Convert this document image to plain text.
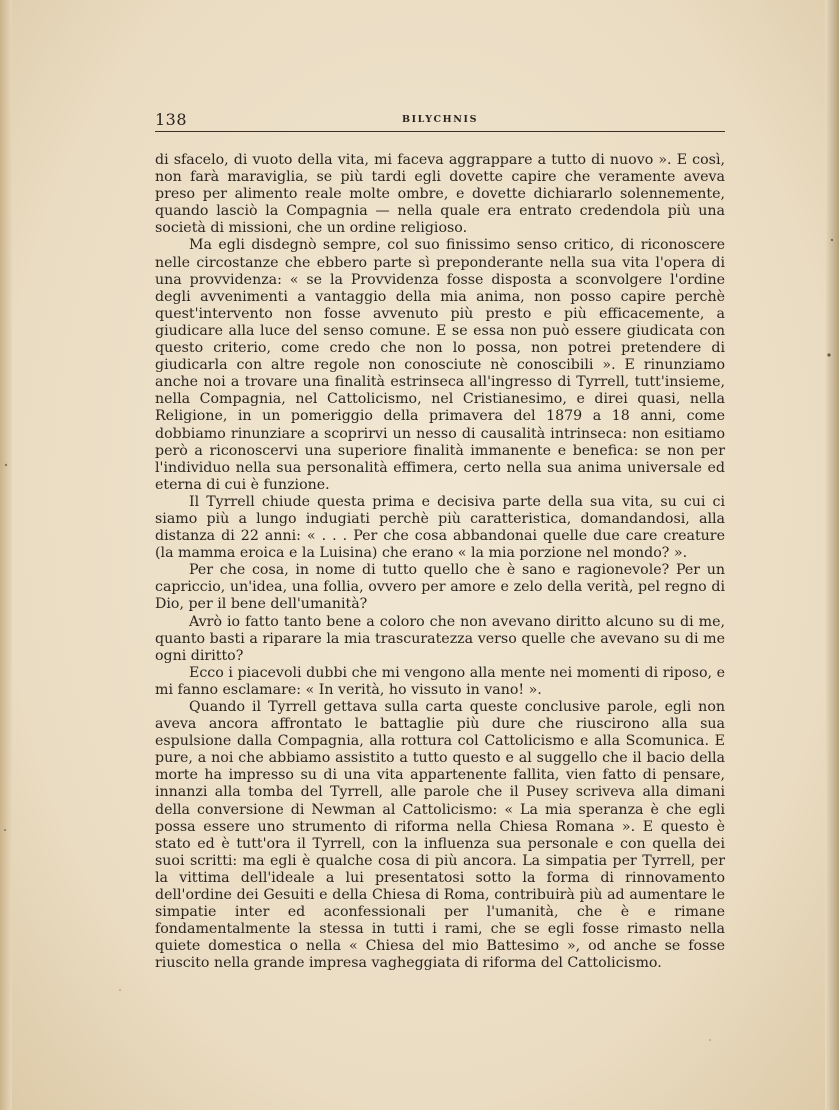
138	BILYCHNIS

di sfacelo, di vuoto della vita, mi faceva aggrappare a tutto di nuovo ». E così, non farà maraviglia, se più tardi egli dovette capire che veramente aveva preso per alimento reale molte ombre, e dovette dichiararlo solennemente, quando lasciò la Compagnia — nella quale era entrato credendola più una società di missioni, che un ordine religioso.

Ma egli disdegnò sempre, col suo finissimo senso critico, di riconoscere nelle circostanze che ebbero parte sì preponderante nella sua vita l'opera di una provvidenza: « se la Provvidenza fosse disposta a sconvolgere l'ordine degli avvenimenti a vantaggio della mia anima, non posso capire perchè quest'intervento non fosse avvenuto più presto e più efficacemente, a giudicare alla luce del senso comune. E se essa non può essere giudicata con questo criterio, come credo che non lo possa, non potrei pretendere di giudicarla con altre regole non conosciute nè conoscibili ». E rinunziamo anche noi a trovare una finalità estrinseca all'ingresso di Tyrrell, tutt'insieme, nella Compagnia, nel Cattolicismo, nel Cristianesimo, e direi quasi, nella Religione, in un pomeriggio della primavera del 1879 a 18 anni, come dobbiamo rinunziare a scoprirvi un nesso di causalità intrinseca: non esitiamo però a riconoscervi una superiore finalità immanente e benefica: se non per l'individuo nella sua personalità effimera, certo nella sua anima universale ed eterna di cui è funzione.

Il Tyrrell chiude questa prima e decisiva parte della sua vita, su cui ci siamo più a lungo indugiati perchè più caratteristica, domandandosi, alla distanza di 22 anni: « . . . Per che cosa abbandonai quelle due care creature (la mamma eroica e la Luisina) che erano « la mia porzione nel mondo? ».

Per che cosa, in nome di tutto quello che è sano e ragionevole? Per un capriccio, un'idea, una follia, ovvero per amore e zelo della verità, pel regno di Dio, per il bene dell'umanità?

Avrò io fatto tanto bene a coloro che non avevano diritto alcuno su di me, quanto basti a riparare la mia trascuratezza verso quelle che avevano su di me ogni diritto?

Ecco i piacevoli dubbi che mi vengono alla mente nei momenti di riposo, e mi fanno esclamare: « In verità, ho vissuto in vano! ».

Quando il Tyrrell gettava sulla carta queste conclusive parole, egli non aveva ancora affrontato le battaglie più dure che riuscirono alla sua espulsione dalla Compagnia, alla rottura col Cattolicismo e alla Scomunica. E pure, a noi che abbiamo assistito a tutto questo e al suggello che il bacio della morte ha impresso su di una vita appartenente fallita, vien fatto di pensare, innanzi alla tomba del Tyrrell, alle parole che il Pusey scriveva alla dimani della conversione di Newman al Cattolicismo: « La mia speranza è che egli possa essere uno strumento di riforma nella Chiesa Romana ». E questo è stato ed è tutt'ora il Tyrrell, con la influenza sua personale e con quella dei suoi scritti: ma egli è qualche cosa di più ancora. La simpatia per Tyrrell, per la vittima dell'ideale a lui presentatosi sotto la forma di rinnovamento dell'ordine dei Gesuiti e della Chiesa di Roma, contribuirà più ad aumentare le simpatie inter ed aconfessionali per l'umanità, che è e rimane fondamentalmente la stessa in tutti i rami, che se egli fosse rimasto nella quiete domestica o nella « Chiesa del mio Battesimo », od anche se fosse riuscito nella grande impresa vagheggiata di riforma del Cattolicismo.
